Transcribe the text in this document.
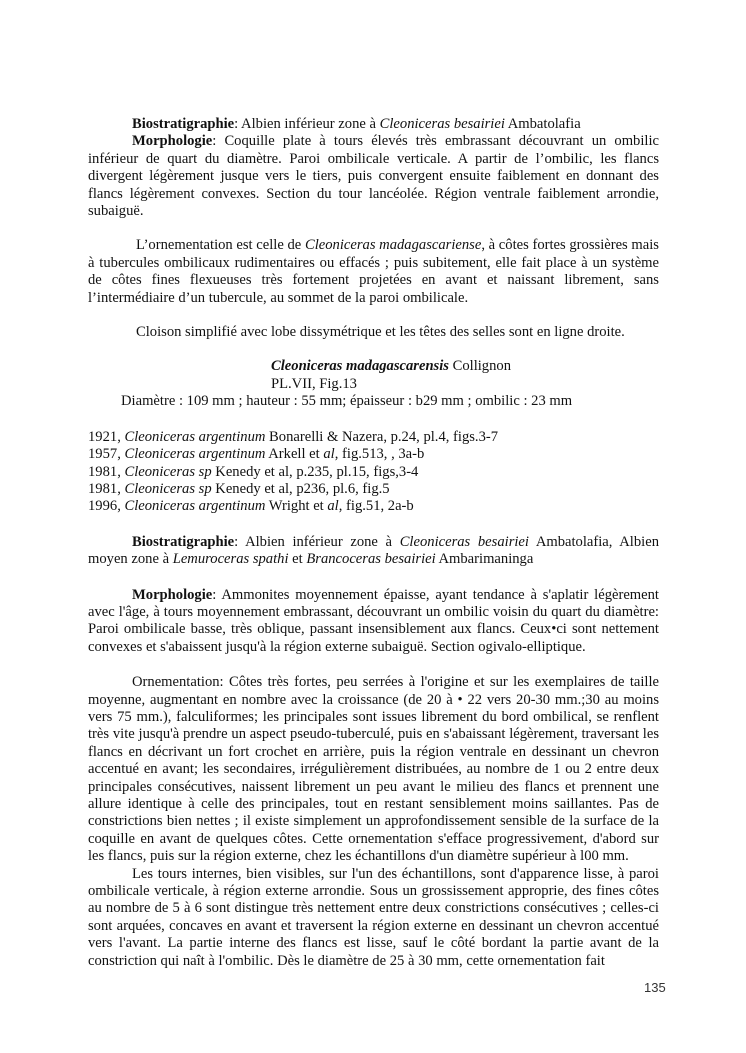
Biostratigraphie: Albien inférieur zone à Cleoniceras besairiei Ambatolafia

Morphologie: Coquille plate à tours élevés très embrassant découvrant un ombilic inférieur de quart du diamètre. Paroi ombilicale verticale. A partir de l’ombilic, les flancs divergent légèrement jusque vers le tiers, puis convergent ensuite faiblement en donnant des flancs légèrement convexes. Section du tour lancéolée. Région ventrale faiblement arrondie, subaiguë.

L’ornementation est celle de Cleoniceras madagascariense, à côtes fortes grossières mais à tubercules ombilicaux rudimentaires ou effacés ; puis subitement, elle fait place à un système de côtes fines flexueuses très fortement projetées en avant et naissant librement, sans l’intermédiaire d’un tubercule, au sommet de la paroi ombilicale.

Cloison simplifié avec lobe dissymétrique et les têtes des selles sont en ligne droite.

Cleoniceras madagascarensis Collignon
PL.VII, Fig.13
Diamètre : 109 mm ; hauteur : 55 mm; épaisseur : b29 mm ; ombilic : 23 mm
1921, Cleoniceras argentinum Bonarelli & Nazera, p.24, pl.4, figs.3-7
1957, Cleoniceras argentinum Arkell et al, fig.513, , 3a-b
1981, Cleoniceras sp Kenedy et al, p.235, pl.15, figs,3-4
1981, Cleoniceras sp Kenedy et al, p236, pl.6, fig.5
1996, Cleoniceras argentinum Wright et al, fig.51, 2a-b

Biostratigraphie: Albien inférieur zone à Cleoniceras besairiei Ambatolafia, Albien moyen zone à Lemuroceras spathi et Brancoceras besairiei Ambarimaninga

Morphologie: Ammonites moyennement épaisse, ayant tendance à s'aplatir légèrement avec l'âge, à tours moyennement embrassant, découvrant un ombilic voisin du quart du diamètre: Paroi ombilicale basse, très oblique, passant insensiblement aux flancs. Ceux•ci sont nettement convexes et s'abaissent jusqu'à la région externe subaiguë. Section ogivalo-elliptique.

Ornementation: Côtes très fortes, peu serrées à l'origine et sur les exemplaires de taille moyenne, augmentant en nombre avec la croissance (de 20 à • 22 vers 20-30 mm.;30 au moins vers 75 mm.), falculiformes; les principales sont issues librement du bord ombilical, se renflent très vite jusqu'à prendre un aspect pseudo-tuberculé, puis en s'abaissant légèrement, traversant les flancs en décrivant un fort crochet en arrière, puis la région ventrale en dessinant un chevron accentué en avant; les secondaires, irrégulièrement distribuées, au nombre de 1 ou 2 entre deux principales consécutives, naissent librement un peu avant le milieu des flancs et prennent une allure identique à celle des principales, tout en restant sensiblement moins saillantes. Pas de constrictions bien nettes ; il existe simplement un approfondissement sensible de la surface de la coquille en avant de quelques côtes. Cette ornementation s'efface progressivement, d'abord sur les flancs, puis sur la région externe, chez les échantillons d'un diamètre supérieur à l00 mm.

Les tours internes, bien visibles, sur l'un des échantillons, sont d'apparence lisse, à paroi ombilicale verticale, à région externe arrondie. Sous un grossissement approprie, des fines côtes au nombre de 5 à 6 sont distingue très nettement entre deux constrictions consécutives ; celles-ci sont arquées, concaves en avant et traversent la région externe en dessinant un chevron accentué vers l'avant. La partie interne des flancs est lisse, sauf le côté bordant la partie avant de la constriction qui naît à l'ombilic. Dès le diamètre de 25 à 30 mm, cette ornementation fait

135
